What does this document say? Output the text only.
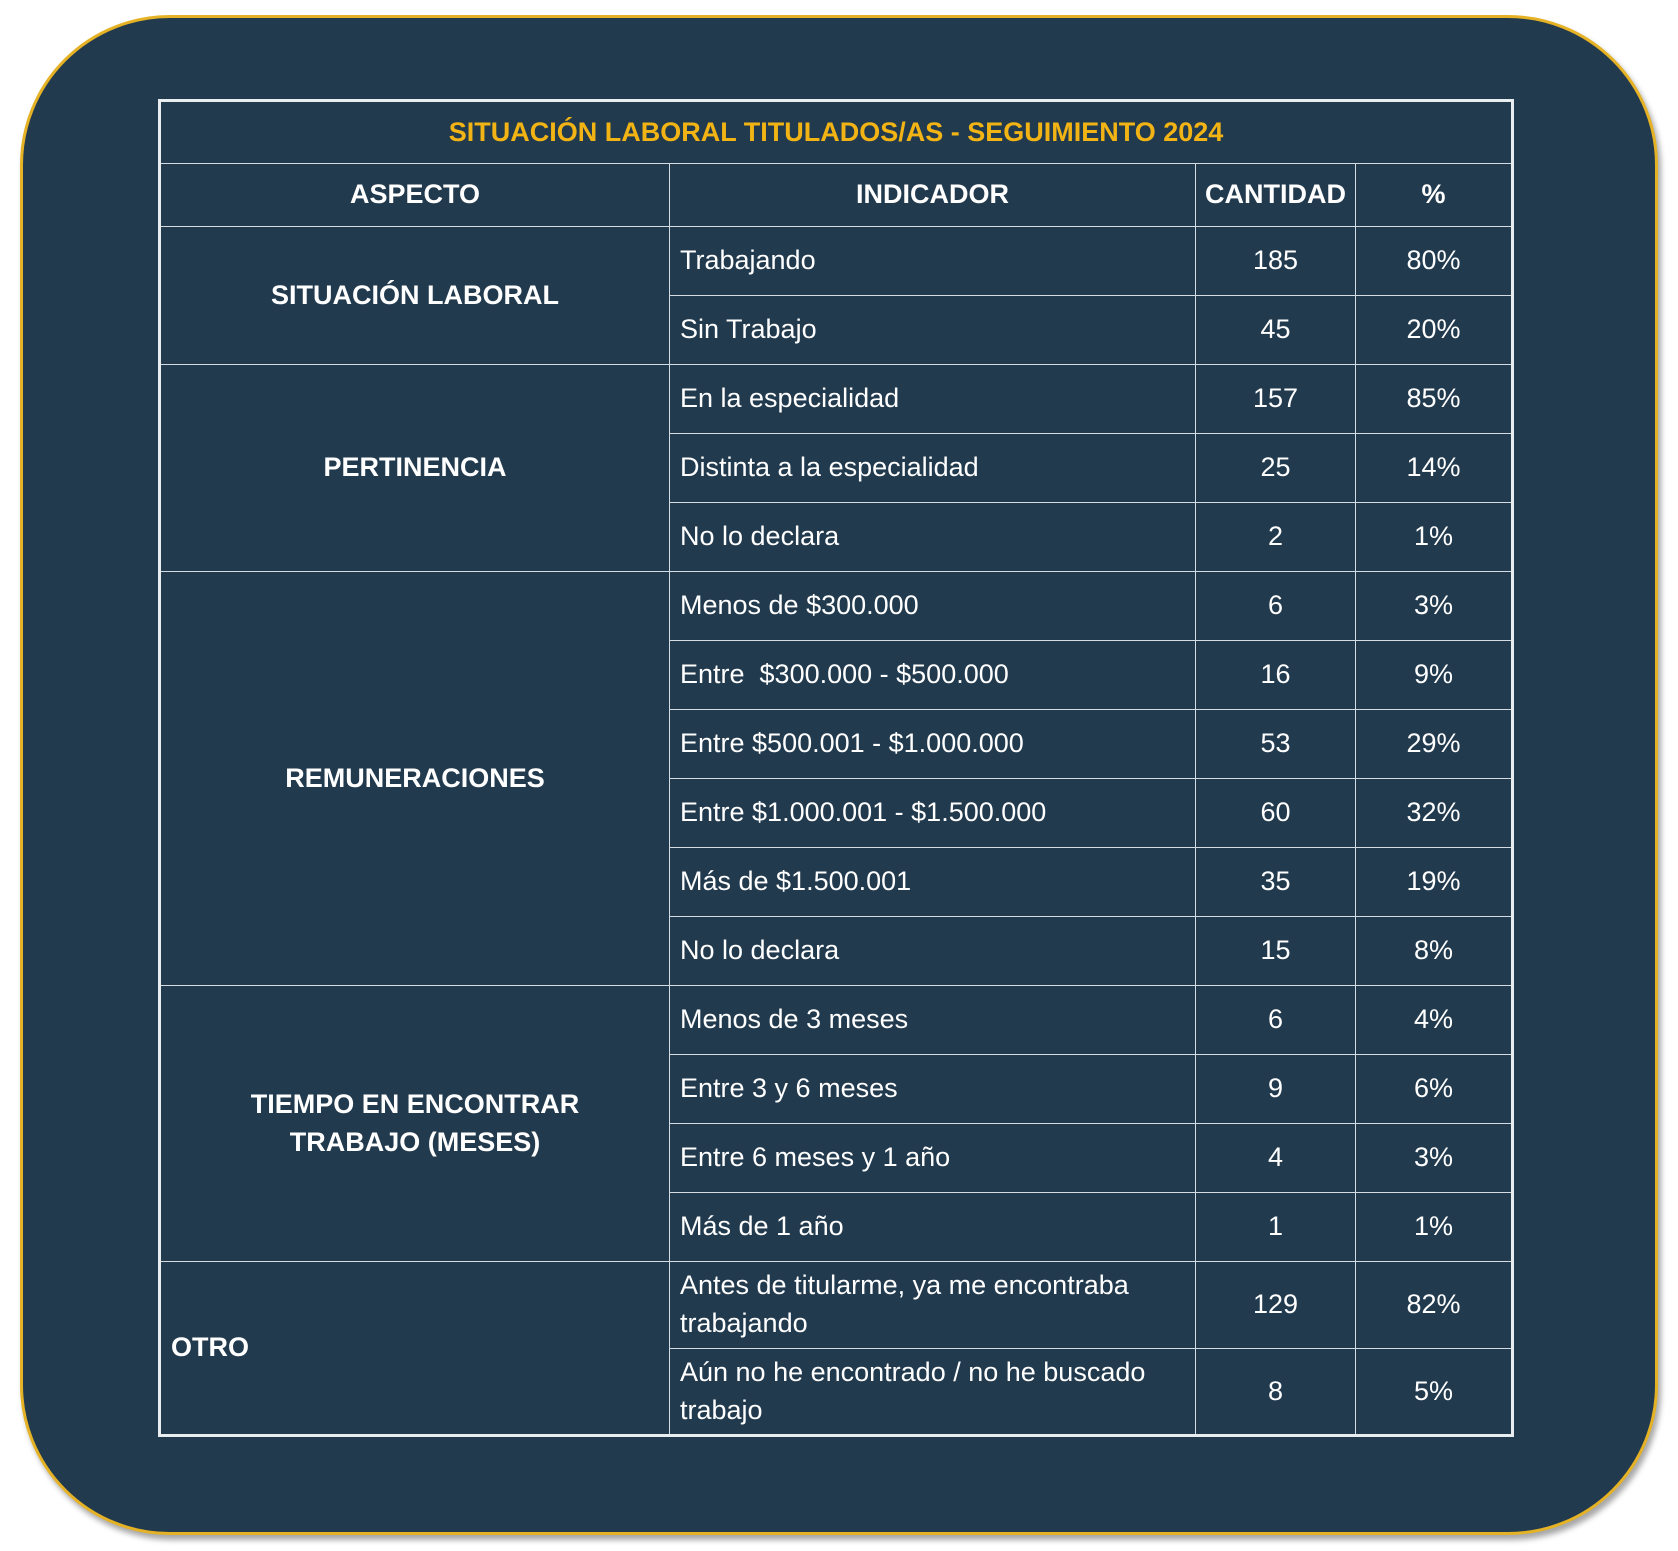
SITUACIÓN LABORAL TITULADOS/AS - SEGUIMIENTO 2024			
ASPECTO	INDICADOR	CANTIDAD	%
SITUACIÓN LABORAL	Trabajando	185	80%
	Sin Trabajo	45	20%
PERTINENCIA	En la especialidad	157	85%
	Distinta a la especialidad	25	14%
	No lo declara	2	1%
REMUNERACIONES	Menos de $300.000	6	3%
	Entre  $300.000 - $500.000	16	9%
	Entre $500.001 - $1.000.000	53	29%
	Entre $1.000.001 - $1.500.000	60	32%
	Más de $1.500.001	35	19%
	No lo declara	15	8%
TIEMPO EN ENCONTRAR TRABAJO (MESES)	Menos de 3 meses	6	4%
	Entre 3 y 6 meses	9	6%
	Entre 6 meses y 1 año	4	3%
	Más de 1 año	1	1%
OTRO	Antes de titularme, ya me encontraba trabajando	129	82%
	Aún no he encontrado / no he buscado trabajo	8	5%
